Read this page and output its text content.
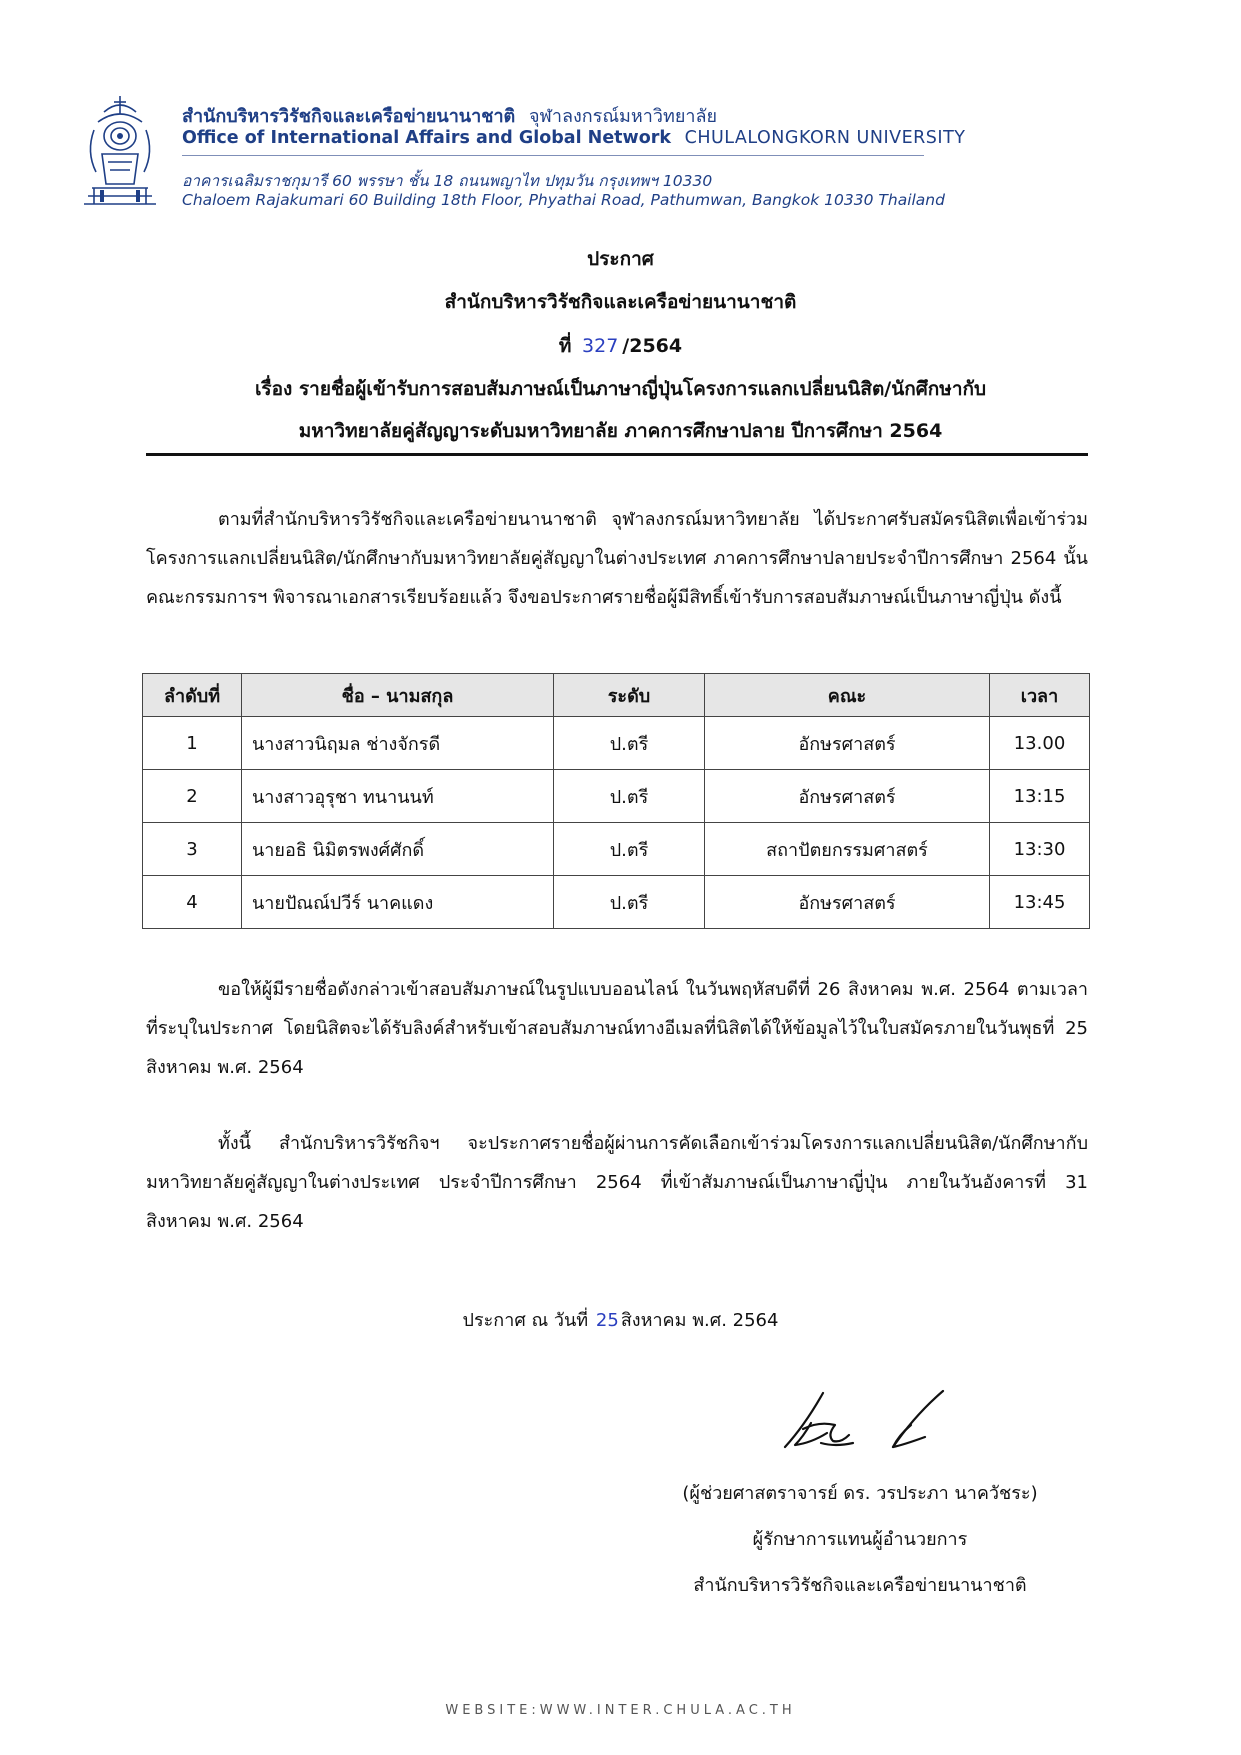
สำนักบริหารวิรัชกิจและเครือข่ายนานาชาติ จุฬาลงกรณ์มหาวิทยาลัย
Office of International Affairs and Global Network CHULALONGKORN UNIVERSITY
อาคารเฉลิมราชกุมารี 60 พรรษา ชั้น 18 ถนนพญาไท ปทุมวัน กรุงเทพฯ 10330
Chaloem Rajakumari 60 Building 18th Floor, Phyathai Road, Pathumwan, Bangkok 10330 Thailand
ประกาศ
สำนักบริหารวิรัชกิจและเครือข่ายนานาชาติ
ที่ 327 /2564
เรื่อง รายชื่อผู้เข้ารับการสอบสัมภาษณ์เป็นภาษาญี่ปุ่นโครงการแลกเปลี่ยนนิสิต/นักศึกษากับ
มหาวิทยาลัยคู่สัญญาระดับมหาวิทยาลัย ภาคการศึกษาปลาย ปีการศึกษา 2564
ตามที่สำนักบริหารวิรัชกิจและเครือข่ายนานาชาติ จุฬาลงกรณ์มหาวิทยาลัย ได้ประกาศรับสมัครนิสิตเพื่อเข้าร่วมโครงการแลกเปลี่ยนนิสิต/นักศึกษากับมหาวิทยาลัยคู่สัญญาในต่างประเทศ ภาคการศึกษาปลายประจำปีการศึกษา 2564 นั้น คณะกรรมการฯ พิจารณาเอกสารเรียบร้อยแล้ว จึงขอประกาศรายชื่อผู้มีสิทธิ์เข้ารับการสอบสัมภาษณ์เป็นภาษาญี่ปุ่น ดังนี้
ลำดับที่	ชื่อ – นามสกุล	ระดับ	คณะ	เวลา
1	นางสาวนิฤมล ช่างจักรดี	ป.ตรี	อักษรศาสตร์	13.00
2	นางสาวอุรุชา ทนานนท์	ป.ตรี	อักษรศาสตร์	13:15
3	นายอธิ นิมิตรพงศ์ศักดิ์	ป.ตรี	สถาปัตยกรรมศาสตร์	13:30
4	นายปัณณ์ปวีร์ นาคแดง	ป.ตรี	อักษรศาสตร์	13:45
ขอให้ผู้มีรายชื่อดังกล่าวเข้าสอบสัมภาษณ์ในรูปแบบออนไลน์ ในวันพฤหัสบดีที่ 26 สิงหาคม พ.ศ. 2564 ตามเวลาที่ระบุในประกาศ โดยนิสิตจะได้รับลิงค์สำหรับเข้าสอบสัมภาษณ์ทางอีเมลที่นิสิตได้ให้ข้อมูลไว้ในใบสมัครภายในวันพุธที่ 25 สิงหาคม พ.ศ. 2564
ทั้งนี้ สำนักบริหารวิรัชกิจฯ จะประกาศรายชื่อผู้ผ่านการคัดเลือกเข้าร่วมโครงการแลกเปลี่ยนนิสิต/นักศึกษากับมหาวิทยาลัยคู่สัญญาในต่างประเทศ ประจำปีการศึกษา 2564 ที่เข้าสัมภาษณ์เป็นภาษาญี่ปุ่น ภายในวันอังคารที่ 31 สิงหาคม พ.ศ. 2564
ประกาศ ณ วันที่ 25 สิงหาคม พ.ศ. 2564
(ผู้ช่วยศาสตราจารย์ ดร. วรประภา นาควัชระ)
ผู้รักษาการแทนผู้อำนวยการ
สำนักบริหารวิรัชกิจและเครือข่ายนานาชาติ
WEBSITE:WWW.INTER.CHULA.AC.TH
